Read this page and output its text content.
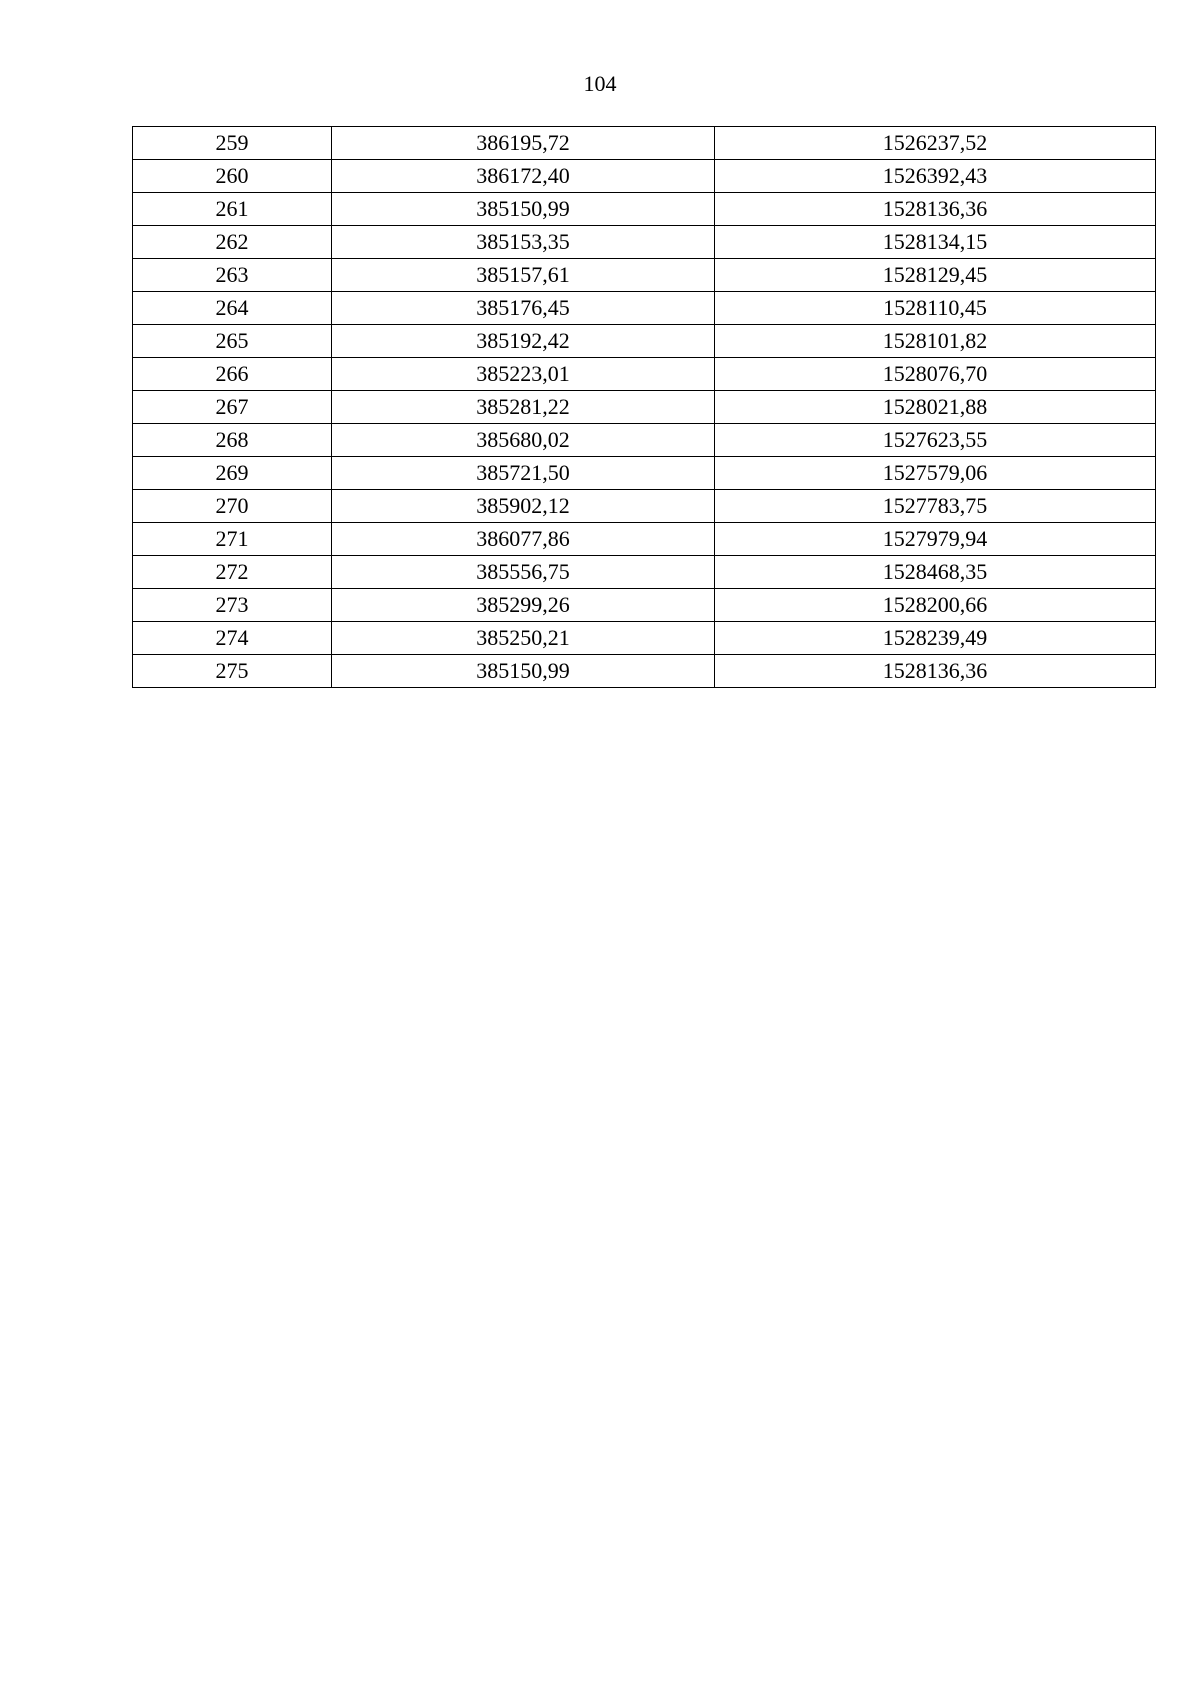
104
259	386195,72	1526237,52
260	386172,40	1526392,43
261	385150,99	1528136,36
262	385153,35	1528134,15
263	385157,61	1528129,45
264	385176,45	1528110,45
265	385192,42	1528101,82
266	385223,01	1528076,70
267	385281,22	1528021,88
268	385680,02	1527623,55
269	385721,50	1527579,06
270	385902,12	1527783,75
271	386077,86	1527979,94
272	385556,75	1528468,35
273	385299,26	1528200,66
274	385250,21	1528239,49
275	385150,99	1528136,36
